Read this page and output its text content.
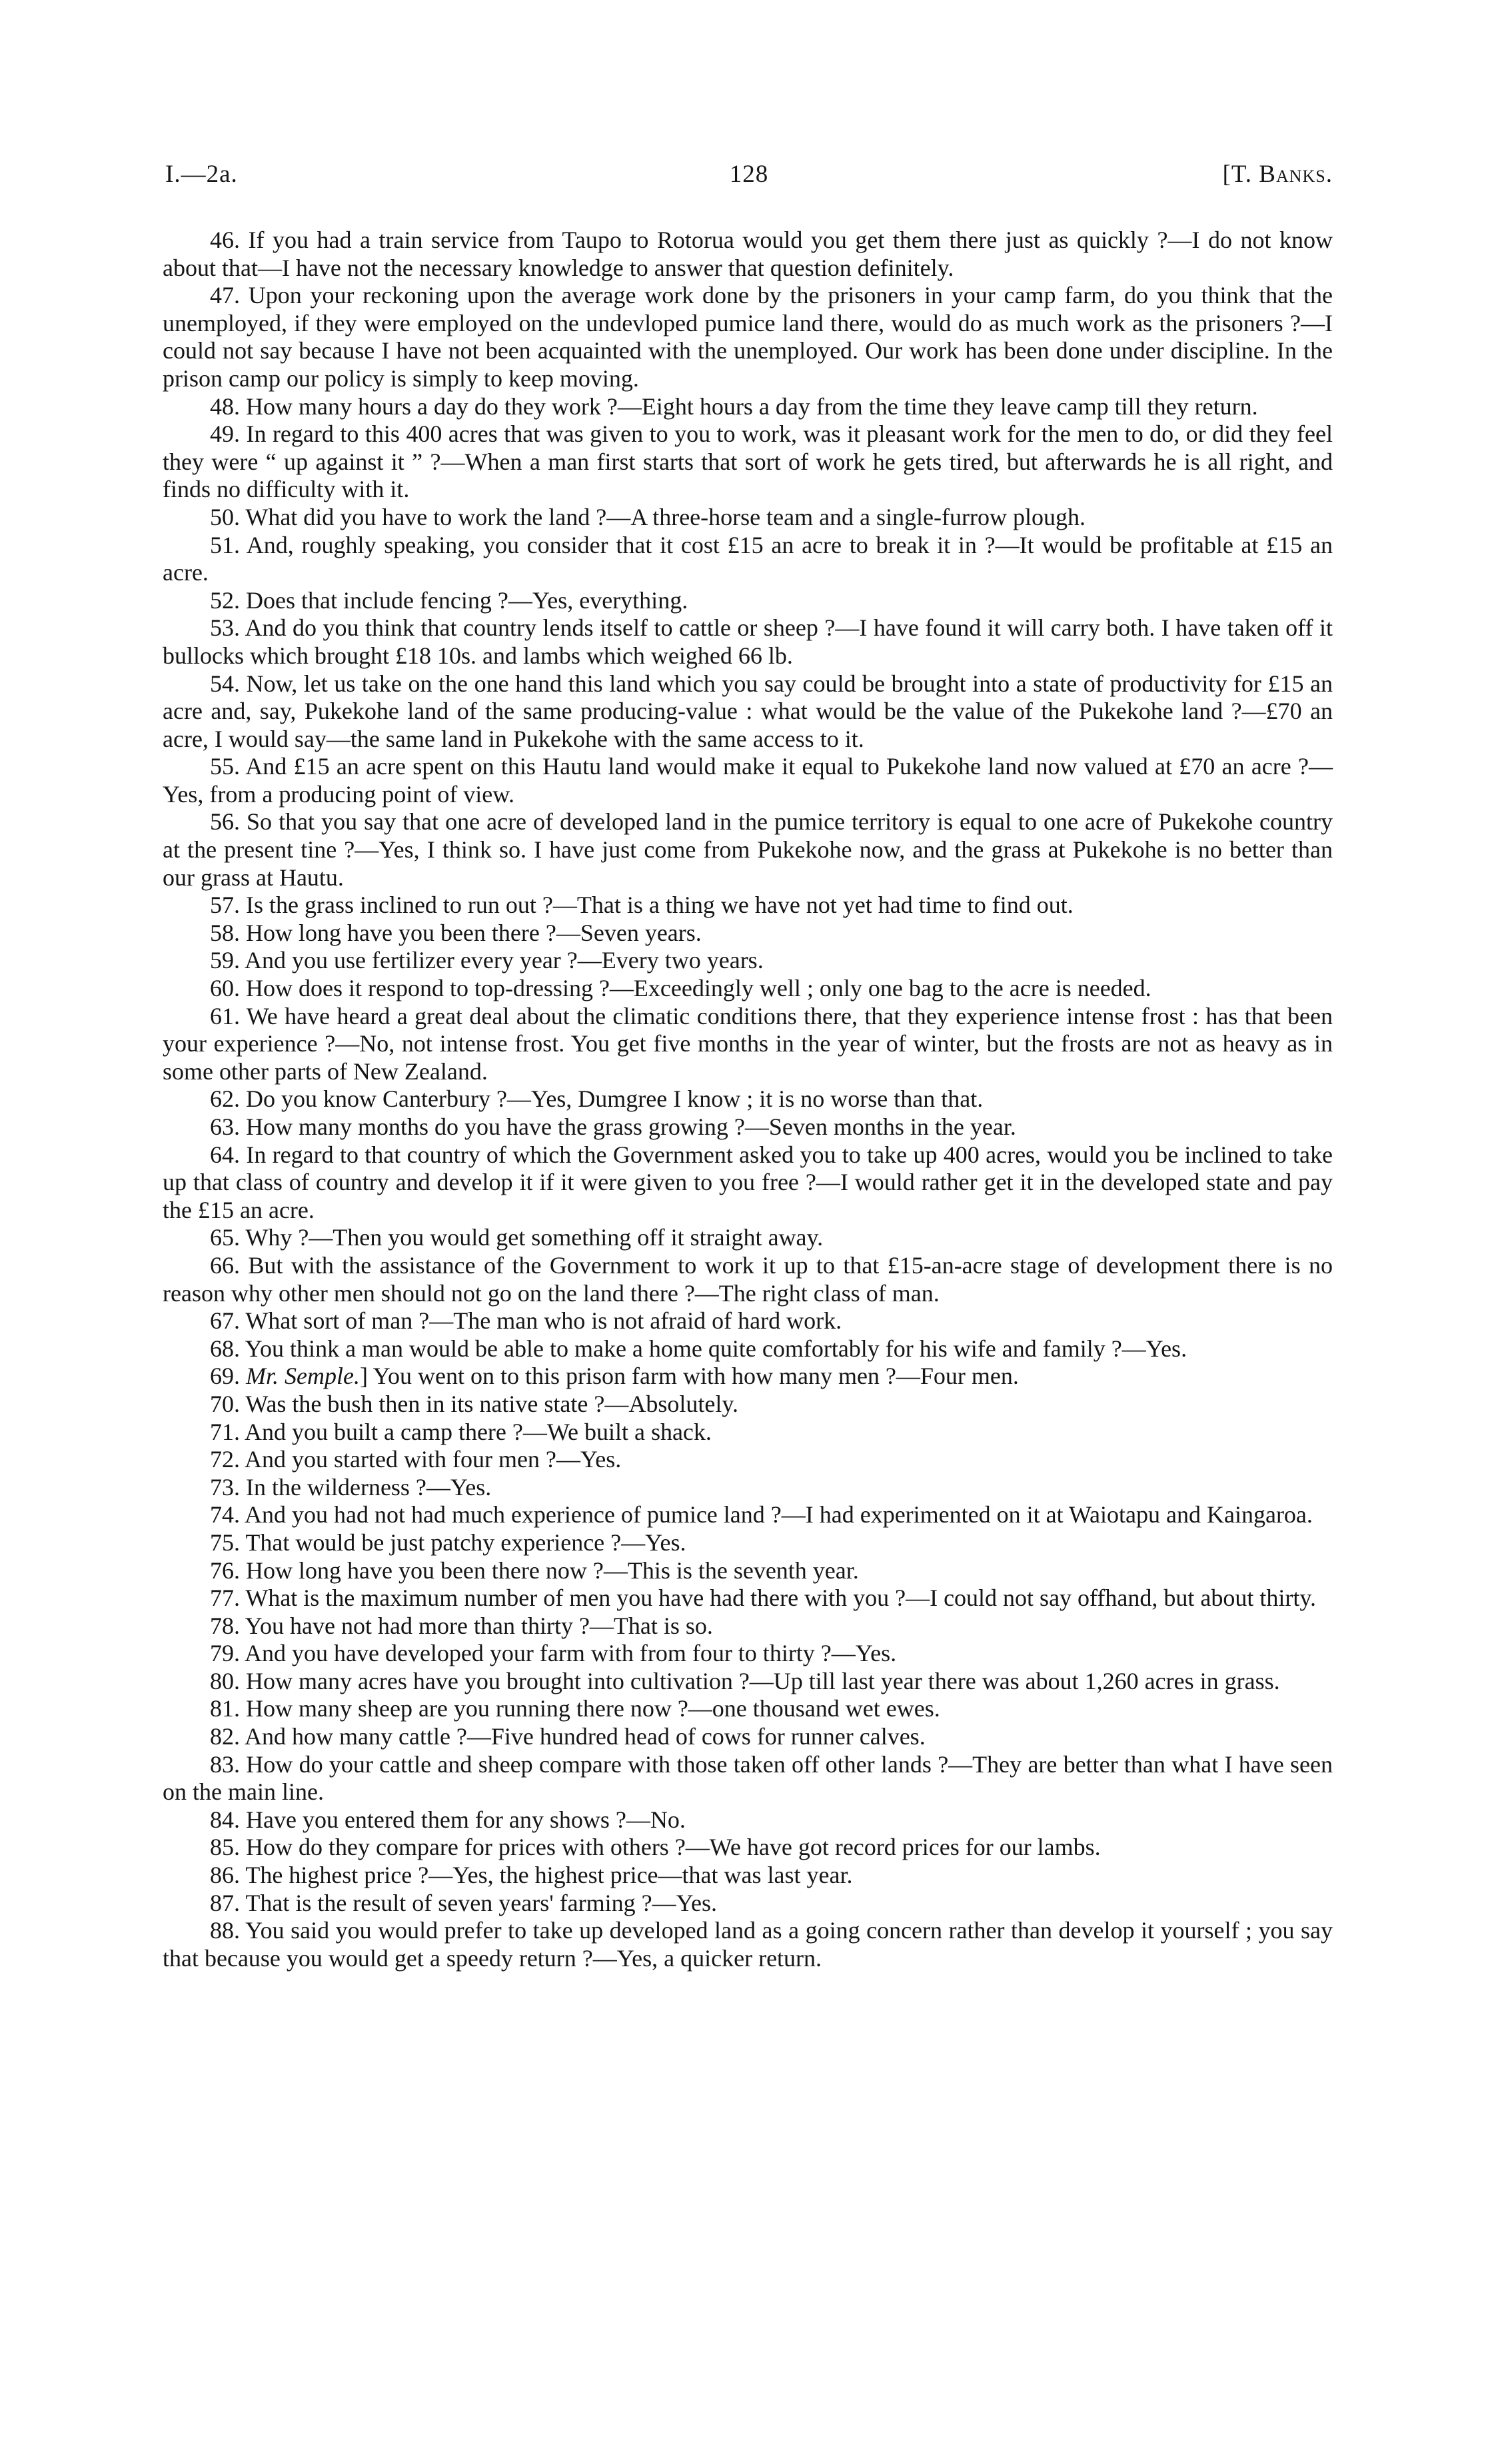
I.—2a.	128	[T. Banks.

46. If you had a train service from Taupo to Rotorua would you get them there just as quickly ?—I do not know about that—I have not the necessary knowledge to answer that question definitely.

47. Upon your reckoning upon the average work done by the prisoners in your camp farm, do you think that the unemployed, if they were employed on the undevloped pumice land there, would do as much work as the prisoners ?—I could not say because I have not been acquainted with the unemployed. Our work has been done under discipline. In the prison camp our policy is simply to keep moving.

48. How many hours a day do they work ?—Eight hours a day from the time they leave camp till they return.

49. In regard to this 400 acres that was given to you to work, was it pleasant work for the men to do, or did they feel they were “ up against it ” ?—When a man first starts that sort of work he gets tired, but afterwards he is all right, and finds no difficulty with it.

50. What did you have to work the land ?—A three-horse team and a single-furrow plough.

51. And, roughly speaking, you consider that it cost £15 an acre to break it in ?—It would be profitable at £15 an acre.

52. Does that include fencing ?—Yes, everything.

53. And do you think that country lends itself to cattle or sheep ?—I have found it will carry both. I have taken off it bullocks which brought £18 10s. and lambs which weighed 66 lb.

54. Now, let us take on the one hand this land which you say could be brought into a state of productivity for £15 an acre and, say, Pukekohe land of the same producing-value : what would be the value of the Pukekohe land ?—£70 an acre, I would say—the same land in Pukekohe with the same access to it.

55. And £15 an acre spent on this Hautu land would make it equal to Pukekohe land now valued at £70 an acre ?—Yes, from a producing point of view.

56. So that you say that one acre of developed land in the pumice territory is equal to one acre of Pukekohe country at the present tine ?—Yes, I think so. I have just come from Pukekohe now, and the grass at Pukekohe is no better than our grass at Hautu.

57. Is the grass inclined to run out ?—That is a thing we have not yet had time to find out.

58. How long have you been there ?—Seven years.

59. And you use fertilizer every year ?—Every two years.

60. How does it respond to top-dressing ?—Exceedingly well ; only one bag to the acre is needed.

61. We have heard a great deal about the climatic conditions there, that they experience intense frost : has that been your experience ?—No, not intense frost. You get five months in the year of winter, but the frosts are not as heavy as in some other parts of New Zealand.

62. Do you know Canterbury ?—Yes, Dumgree I know ; it is no worse than that.

63. How many months do you have the grass growing ?—Seven months in the year.

64. In regard to that country of which the Government asked you to take up 400 acres, would you be inclined to take up that class of country and develop it if it were given to you free ?—I would rather get it in the developed state and pay the £15 an acre.

65. Why ?—Then you would get something off it straight away.

66. But with the assistance of the Government to work it up to that £15-an-acre stage of development there is no reason why other men should not go on the land there ?—The right class of man.

67. What sort of man ?—The man who is not afraid of hard work.

68. You think a man would be able to make a home quite comfortably for his wife and family ?—Yes.

69. Mr. Semple.] You went on to this prison farm with how many men ?—Four men.

70. Was the bush then in its native state ?—Absolutely.

71. And you built a camp there ?—We built a shack.

72. And you started with four men ?—Yes.

73. In the wilderness ?—Yes.

74. And you had not had much experience of pumice land ?—I had experimented on it at Waiotapu and Kaingaroa.

75. That would be just patchy experience ?—Yes.

76. How long have you been there now ?—This is the seventh year.

77. What is the maximum number of men you have had there with you ?—I could not say offhand, but about thirty.

78. You have not had more than thirty ?—That is so.

79. And you have developed your farm with from four to thirty ?—Yes.

80. How many acres have you brought into cultivation ?—Up till last year there was about 1,260 acres in grass.

81. How many sheep are you running there now ?—one thousand wet ewes.

82. And how many cattle ?—Five hundred head of cows for runner calves.

83. How do your cattle and sheep compare with those taken off other lands ?—They are better than what I have seen on the main line.

84. Have you entered them for any shows ?—No.

85. How do they compare for prices with others ?—We have got record prices for our lambs.

86. The highest price ?—Yes, the highest price—that was last year.

87. That is the result of seven years' farming ?—Yes.

88. You said you would prefer to take up developed land as a going concern rather than develop it yourself ; you say that because you would get a speedy return ?—Yes, a quicker return.
